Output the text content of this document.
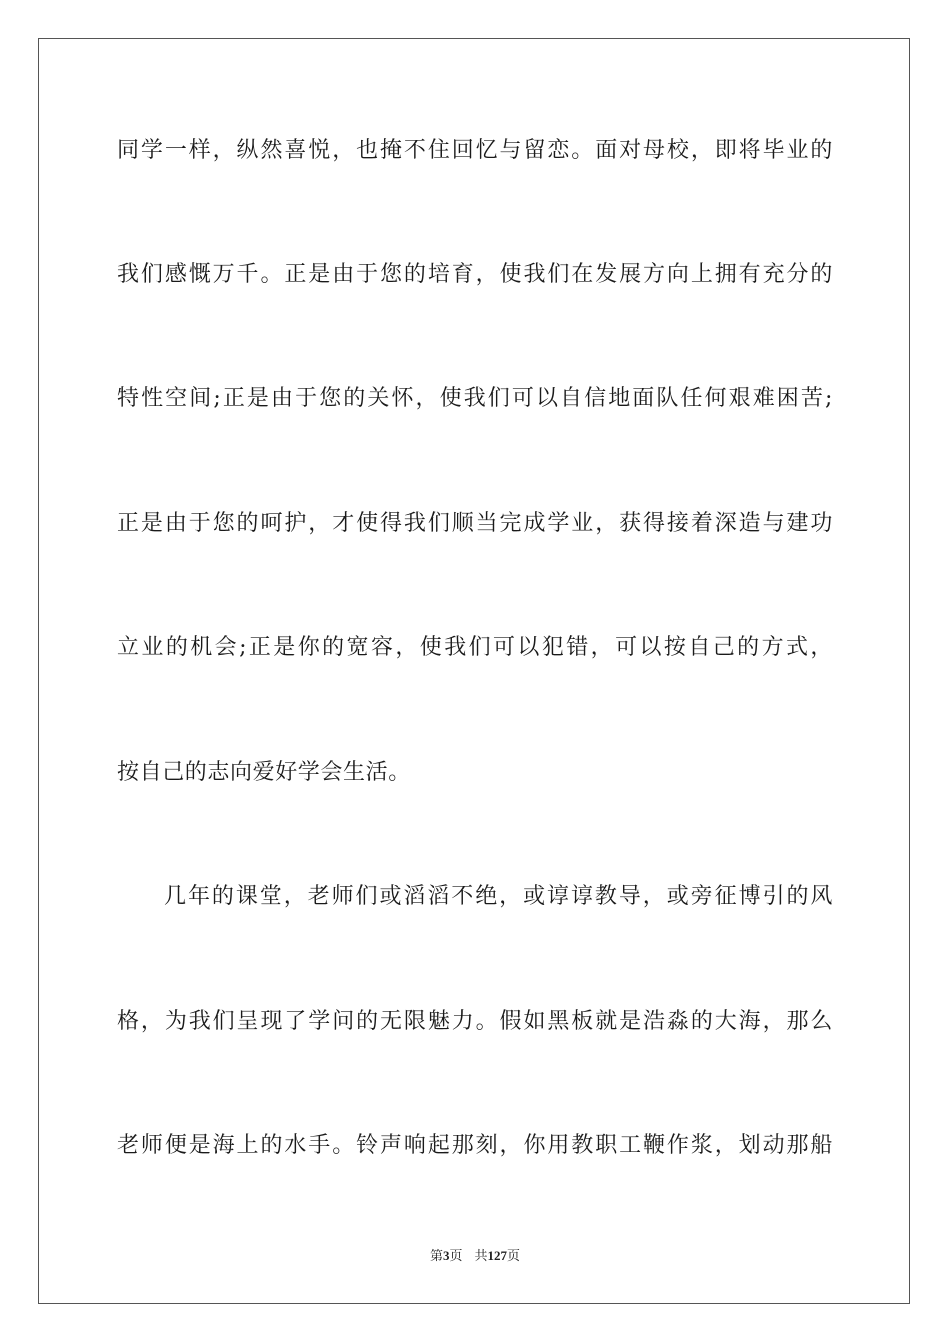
同学一样，纵然喜悦，也掩不住回忆与留恋。面对母校，即将毕业的
我们感慨万千。正是由于您的培育，使我们在发展方向上拥有充分的
特性空间;正是由于您的关怀，使我们可以自信地面队任何艰难困苦;
正是由于您的呵护，才使得我们顺当完成学业，获得接着深造与建功
立业的机会;正是你的宽容，使我们可以犯错，可以按自己的方式，
按自己的志向爱好学会生活。
几年的课堂，老师们或滔滔不绝，或谆谆教导，或旁征博引的风
格，为我们呈现了学问的无限魅力。假如黑板就是浩淼的大海，那么
老师便是海上的水手。铃声响起那刻，你用教职工鞭作浆，划动那船
第3页 共127页
